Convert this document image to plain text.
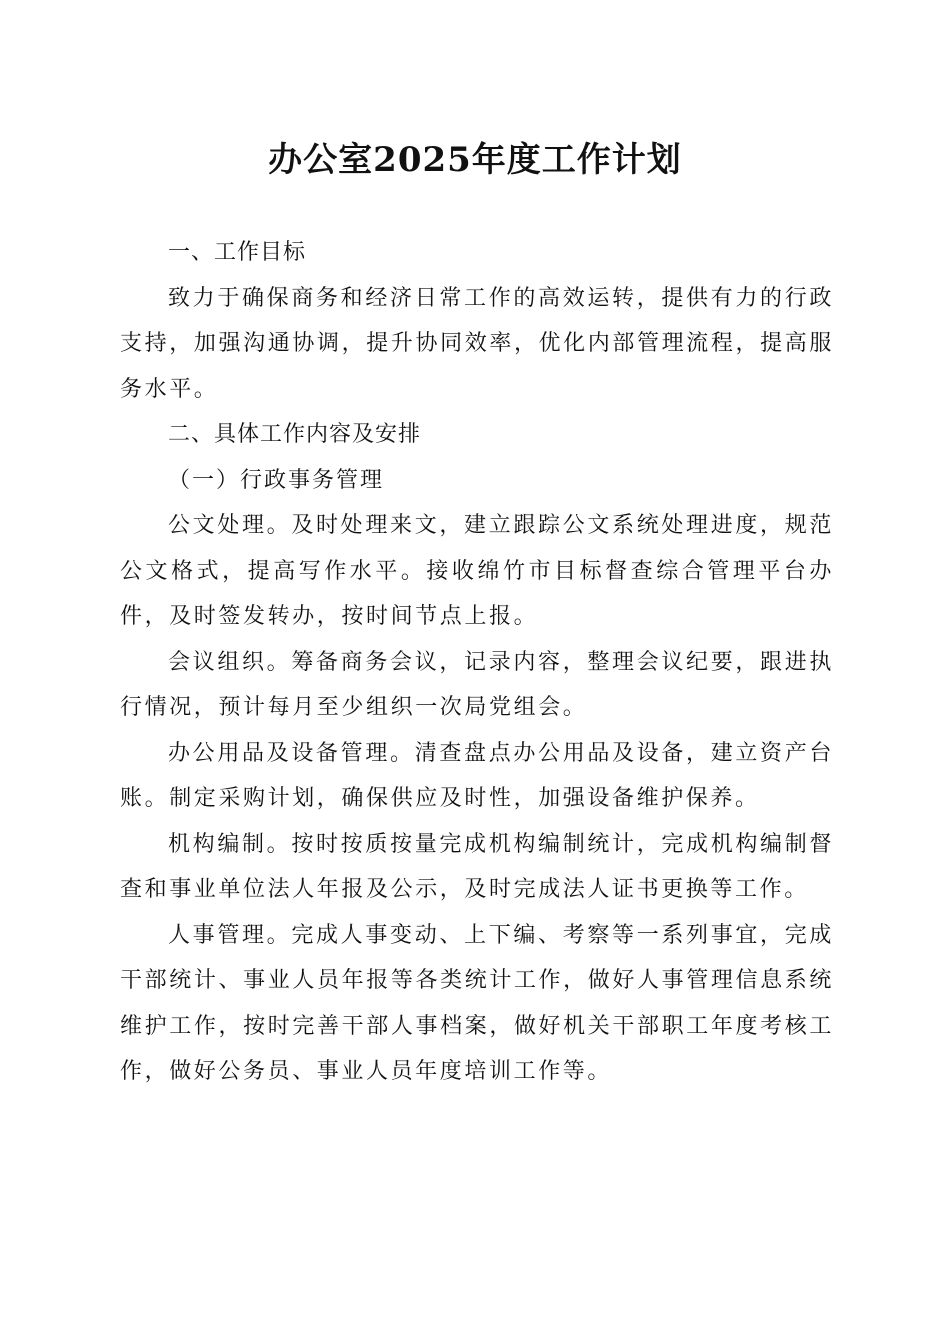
办公室2025年度工作计划
一、工作目标

致力于确保商务和经济日常工作的高效运转，提供有力的行政支持，加强沟通协调，提升协同效率，优化内部管理流程，提高服务水平。

二、具体工作内容及安排
（一）行政事务管理

公文处理。及时处理来文，建立跟踪公文系统处理进度，规范公文格式，提高写作水平。接收绵竹市目标督查综合管理平台办件，及时签发转办，按时间节点上报。

会议组织。筹备商务会议，记录内容，整理会议纪要，跟进执行情况，预计每月至少组织一次局党组会。

办公用品及设备管理。清查盘点办公用品及设备，建立资产台账。制定采购计划，确保供应及时性，加强设备维护保养。

机构编制。按时按质按量完成机构编制统计，完成机构编制督查和事业单位法人年报及公示，及时完成法人证书更换等工作。

人事管理。完成人事变动、上下编、考察等一系列事宜，完成干部统计、事业人员年报等各类统计工作，做好人事管理信息系统维护工作，按时完善干部人事档案，做好机关干部职工年度考核工作，做好公务员、事业人员年度培训工作等。
